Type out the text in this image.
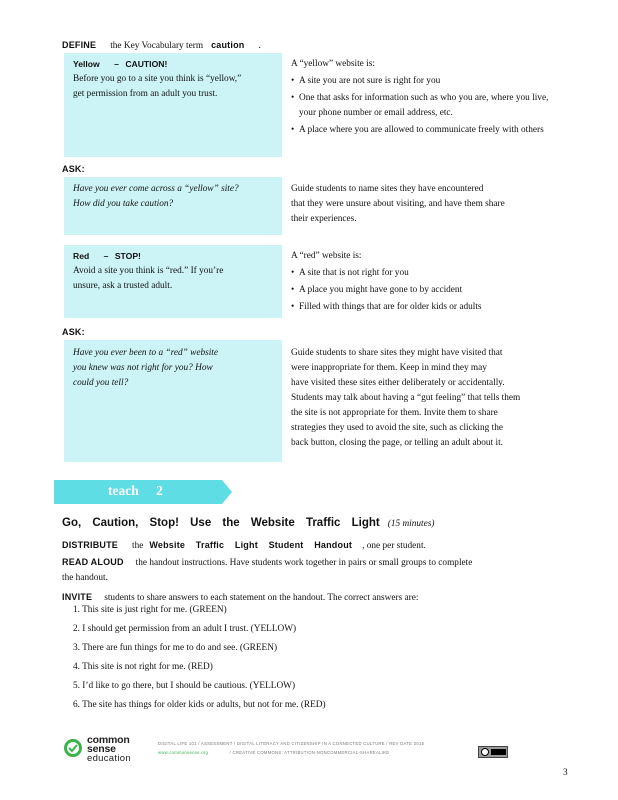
DEFINE the Key Vocabulary term caution .
Yellow – CAUTION!
Before you go to a site you think is “yellow,”
get permission from an adult you trust.
A “yellow” website is:
• A site you are not sure is right for you
• One that asks for information such as who you are, where you live, your phone number or email address, etc.
• A place where you are allowed to communicate freely with others
ASK:
Have you ever come across a “yellow” site?
How did you take caution?
Guide students to name sites they have encountered
that they were unsure about visiting, and have them share
their experiences.
Red – STOP!
Avoid a site you think is “red.” If you’re
unsure, ask a trusted adult.
A “red” website is:
• A site that is not right for you
• A place you might have gone to by accident
• Filled with things that are for older kids or adults
ASK:
Have you ever been to a “red” website
you knew was not right for you? How
could you tell?
Guide students to share sites they might have visited that
were inappropriate for them. Keep in mind they may
have visited these sites either deliberately or accidentally.
Students may talk about having a “gut feeling” that tells them
the site is not appropriate for them. Invite them to share
strategies they used to avoid the site, such as clicking the
back button, closing the page, or telling an adult about it.
teach 2
Go, Caution, Stop! Use the Website Traffic Light (15 minutes)
DISTRIBUTE the Website Traffic Light Student Handout , one per student.
READ ALOUD the handout instructions. Have students work together in pairs or small groups to complete
the handout.
INVITE students to share answers to each statement on the handout. The correct answers are:
1. This site is just right for me. (GREEN)
2. I should get permission from an adult I trust. (YELLOW)
3. There are fun things for me to do and see. (GREEN)
4. This site is not right for me. (RED)
5. I’d like to go there, but I should be cautious. (YELLOW)
6. The site has things for older kids or adults, but not for me. (RED)
common
sense
education
DIGITAL LIFE 101 / ASSESSMENT / DIGITAL LITERACY AND CITIZENSHIP IN A CONNECTED CULTURE / REV DATE 2015
www.commonsense.org	/ CREATIVE COMMONS: ATTRIBUTION-NONCOMMERCIAL-SHAREALIKE
3
